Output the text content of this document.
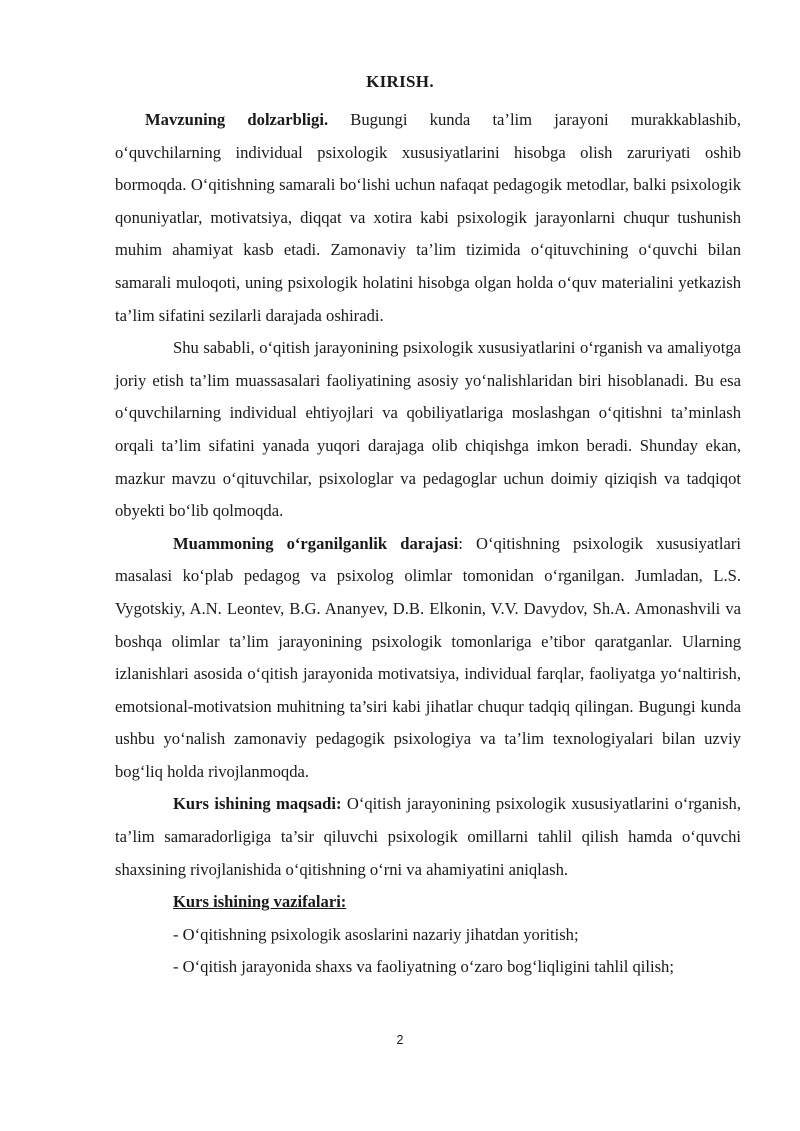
KIRISH.

Mavzuning dolzarbligi. Bugungi kunda ta’lim jarayoni murakkablashib, o‘quvchilarning individual psixologik xususiyatlarini hisobga olish zaruriyati oshib bormoqda. O‘qitishning samarali bo‘lishi uchun nafaqat pedagogik metodlar, balki psixologik qonuniyatlar, motivatsiya, diqqat va xotira kabi psixologik jarayonlarni chuqur tushunish muhim ahamiyat kasb etadi. Zamonaviy ta’lim tizimida o‘qituvchining o‘quvchi bilan samarali muloqoti, uning psixologik holatini hisobga olgan holda o‘quv materialini yetkazish ta’lim sifatini sezilarli darajada oshiradi.

Shu sababli, o‘qitish jarayonining psixologik xususiyatlarini o‘rganish va amaliyotga joriy etish ta’lim muassasalari faoliyatining asosiy yo‘nalishlaridan biri hisoblanadi. Bu esa o‘quvchilarning individual ehtiyojlari va qobiliyatlariga moslashgan o‘qitishni ta’minlash orqali ta’lim sifatini yanada yuqori darajaga olib chiqishga imkon beradi. Shunday ekan, mazkur mavzu o‘qituvchilar, psixologlar va pedagoglar uchun doimiy qiziqish va tadqiqot obyekti bo‘lib qolmoqda.

Muammoning o‘rganilganlik darajasi: O‘qitishning psixologik xususiyatlari masalasi ko‘plab pedagog va psixolog olimlar tomonidan o‘rganilgan. Jumladan, L.S. Vygotskiy, A.N. Leontev, B.G. Ananyev, D.B. Elkonin, V.V. Davydov, Sh.A. Amonashvili va boshqa olimlar ta’lim jarayonining psixologik tomonlariga e’tibor qaratganlar. Ularning izlanishlari asosida o‘qitish jarayonida motivatsiya, individual farqlar, faoliyatga yo‘naltirish, emotsional-motivatsion muhitning ta’siri kabi jihatlar chuqur tadqiq qilingan. Bugungi kunda ushbu yo‘nalish zamonaviy pedagogik psixologiya va ta’lim texnologiyalari bilan uzviy bog‘liq holda rivojlanmoqda.

Kurs ishining maqsadi: O‘qitish jarayonining psixologik xususiyatlarini o‘rganish, ta’lim samaradorligiga ta’sir qiluvchi psixologik omillarni tahlil qilish hamda o‘quvchi shaxsining rivojlanishida o‘qitishning o‘rni va ahamiyatini aniqlash.

Kurs ishining vazifalari:

- O‘qitishning psixologik asoslarini nazariy jihatdan yoritish;

- O‘qitish jarayonida shaxs va faoliyatning o‘zaro bog‘liqligini tahlil qilish;

2
